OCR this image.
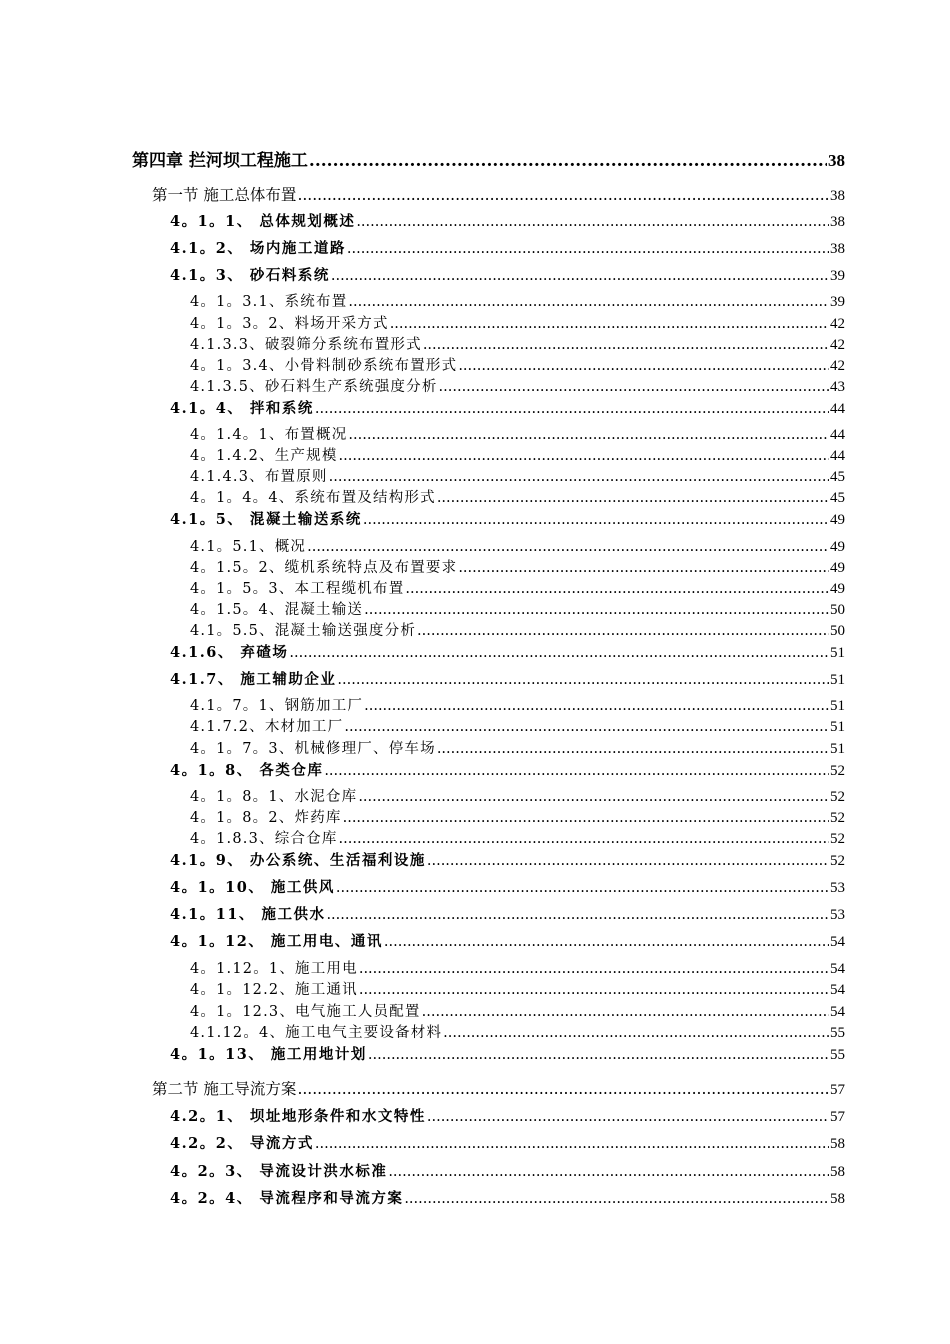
第四章 拦河坝工程施工 .....	38
第一节 施工总体布置 .....	38
4。1。1、 总体规划概述 .....	38
4.1。2、 场内施工道路 .....	38
4.1。3、 砂石料系统 .....	39
4。1。3.1、系统布置 .....	39
4。1。3。2、料场开采方式 .....	42
4.1.3.3、破裂筛分系统布置形式 .....	42
4。1。3.4、小骨料制砂系统布置形式 .....	42
4.1.3.5、砂石料生产系统强度分析 .....	43
4.1。4、 拌和系统 .....	44
4。1.4。1、布置概况 .....	44
4。1.4.2、生产规模 .....	44
4.1.4.3、布置原则 .....	45
4。1。4。4、系统布置及结构形式 .....	45
4.1。5、 混凝土输送系统 .....	49
4.1。5.1、概况 .....	49
4。1.5。2、缆机系统特点及布置要求 .....	49
4。1。5。3、本工程缆机布置 .....	49
4。1.5。4、混凝土输送 .....	50
4.1。5.5、混凝土输送强度分析 .....	50
4.1.6、 弃碴场 .....	51
4.1.7、 施工辅助企业 .....	51
4.1。7。1、钢筋加工厂 .....	51
4.1.7.2、木材加工厂 .....	51
4。1。7。3、机械修理厂、停车场 .....	51
4。1。8、 各类仓库 .....	52
4。1。8。1、水泥仓库 .....	52
4。1。8。2、炸药库 .....	52
4。1.8.3、综合仓库 .....	52
4.1。9、 办公系统、生活福利设施 .....	52
4。1。10、 施工供风 .....	53
4.1。11、 施工供水 .....	53
4。1。12、 施工用电、通讯 .....	54
4。1.12。1、施工用电 .....	54
4。1。12.2、施工通讯 .....	54
4。1。12.3、电气施工人员配置 .....	54
4.1.12。4、施工电气主要设备材料 .....	55
4。1。13、 施工用地计划 .....	55
第二节 施工导流方案 .....	57
4.2。1、 坝址地形条件和水文特性 .....	57
4.2。2、 导流方式 .....	58
4。2。3、 导流设计洪水标准 .....	58
4。2。4、 导流程序和导流方案 .....	58
